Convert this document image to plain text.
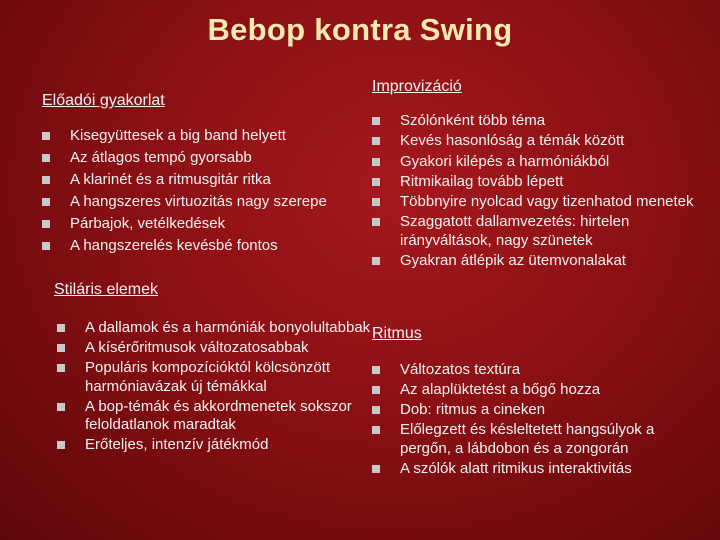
Bebop kontra Swing
Előadói gyakorlat
Kisegyüttesek a big band helyett
Az átlagos tempó gyorsabb
A klarinét és a ritmusgitár ritka
A hangszeres virtuozitás nagy szerepe
Párbajok, vetélkedések
A hangszerelés kevésbé fontos
Stiláris elemek
A dallamok és a harmóniák bonyolultabbak
A kísérőritmusok változatosabbak
Populáris kompozícióktól kölcsönzött harmóniavázak új témákkal
A bop-témák és akkordmenetek sokszor feloldatlanok maradtak
Erőteljes, intenzív játékmód
Improvizáció
Szólónként több téma
Kevés hasonlóság a témák között
Gyakori kilépés a harmóniákból
Ritmikailag tovább lépett
Többnyire nyolcad vagy tizenhatod menetek
Szaggatott dallamvezetés: hirtelen irányváltások, nagy szünetek
Gyakran átlépik az ütemvonalakat
Ritmus
Változatos textúra
Az alaplüktetést a bőgő hozza
Dob: ritmus a cineken
Előlegzett és késleltetett hangsúlyok a pergőn, a lábdobon és a zongorán
A szólók alatt ritmikus interaktivitás
